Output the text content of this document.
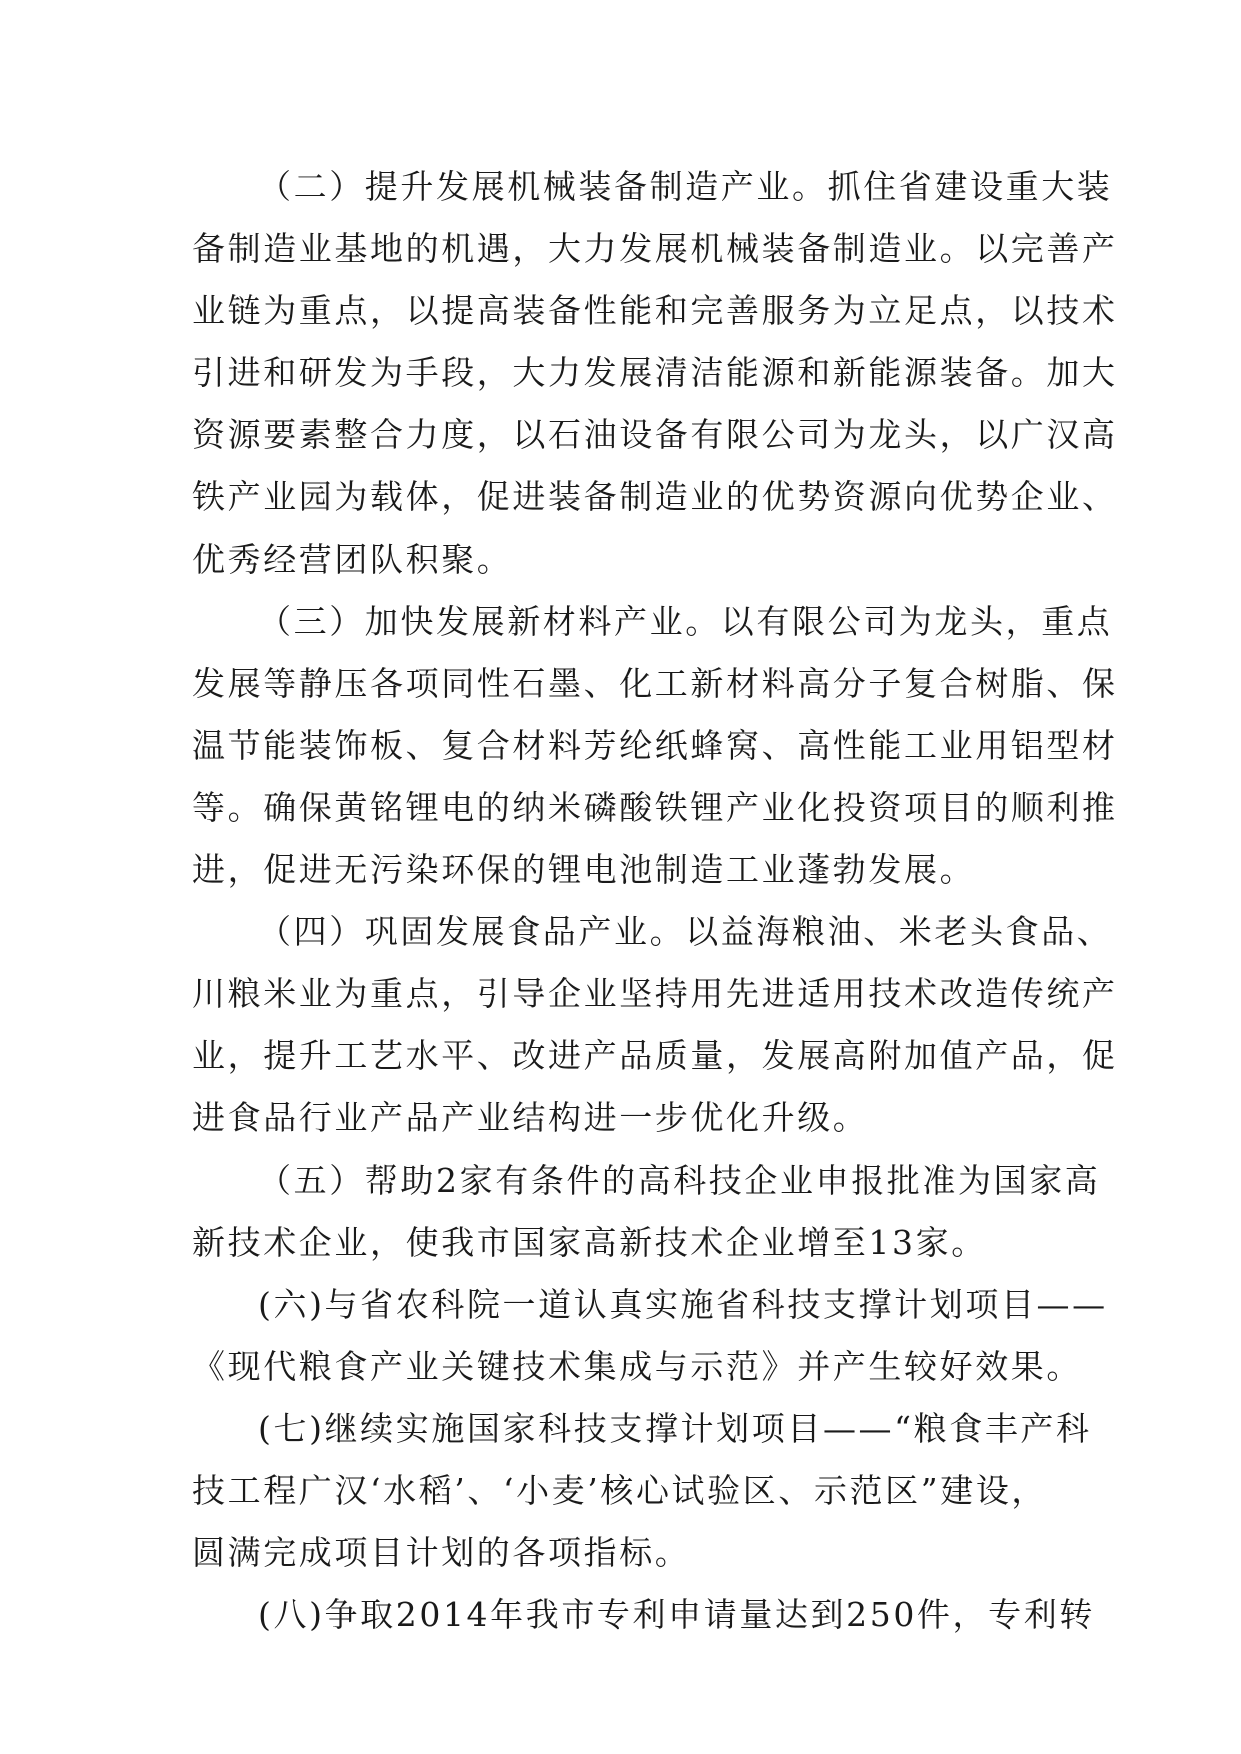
（二）提升发展机械装备制造产业。抓住省建设重大装
备制造业基地的机遇，大力发展机械装备制造业。以完善产
业链为重点，以提高装备性能和完善服务为立足点，以技术
引进和研发为手段，大力发展清洁能源和新能源装备。加大
资源要素整合力度，以石油设备有限公司为龙头，以广汉高
铁产业园为载体，促进装备制造业的优势资源向优势企业、
优秀经营团队积聚。
（三）加快发展新材料产业。以有限公司为龙头，重点
发展等静压各项同性石墨、化工新材料高分子复合树脂、保
温节能装饰板、复合材料芳纶纸蜂窝、高性能工业用铝型材
等。确保黄铭锂电的纳米磷酸铁锂产业化投资项目的顺利推
进，促进无污染环保的锂电池制造工业蓬勃发展。
（四）巩固发展食品产业。以益海粮油、米老头食品、
川粮米业为重点，引导企业坚持用先进适用技术改造传统产
业，提升工艺水平、改进产品质量，发展高附加值产品，促
进食品行业产品产业结构进一步优化升级。
（五）帮助2家有条件的高科技企业申报批准为国家高
新技术企业，使我市国家高新技术企业增至13家。
(六)与省农科院一道认真实施省科技支撑计划项目——
《现代粮食产业关键技术集成与示范》并产生较好效果。
(七)继续实施国家科技支撑计划项目——“粮食丰产科
技工程广汉‘水稻’、‘小麦’核心试验区、示范区”建设，
圆满完成项目计划的各项指标。
(八)争取2014年我市专利申请量达到250件，专利转
